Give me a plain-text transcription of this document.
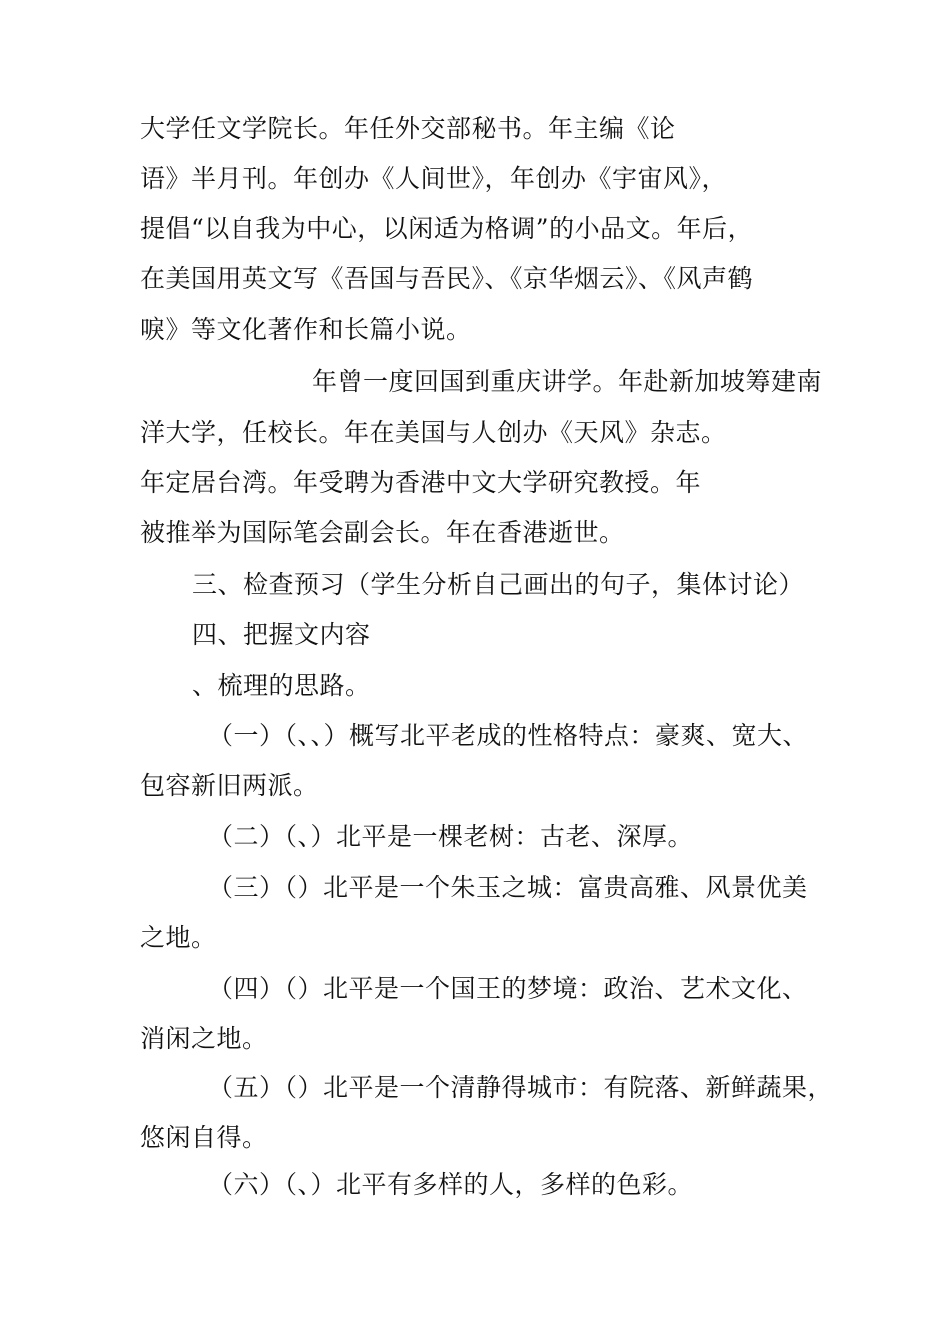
大学任文学院长。年任外交部秘书。年主编《论
语》半月刊。年创办《人间世》，年创办《宇宙风》，
提倡“以自我为中心，以闲适为格调”的小品文。年后，
在美国用英文写《吾国与吾民》、《京华烟云》、《风声鹤
唳》等文化著作和长篇小说。
年曾一度回国到重庆讲学。年赴新加坡筹建南
洋大学，任校长。年在美国与人创办《天风》杂志。
年定居台湾。年受聘为香港中文大学研究教授。年
被推举为国际笔会副会长。年在香港逝世。
三、检查预习（学生分析自己画出的句子，集体讨论）
四、把握文内容
、梳理的思路。
（一）（、、）概写北平老成的性格特点：豪爽、宽大、
包容新旧两派。
（二）（、）北平是一棵老树：古老、深厚。
（三）（）北平是一个朱玉之城：富贵高雅、风景优美
之地。
（四）（）北平是一个国王的梦境：政治、艺术文化、
消闲之地。
（五）（）北平是一个清静得城市：有院落、新鲜蔬果，
悠闲自得。
（六）（、）北平有多样的人，多样的色彩。
